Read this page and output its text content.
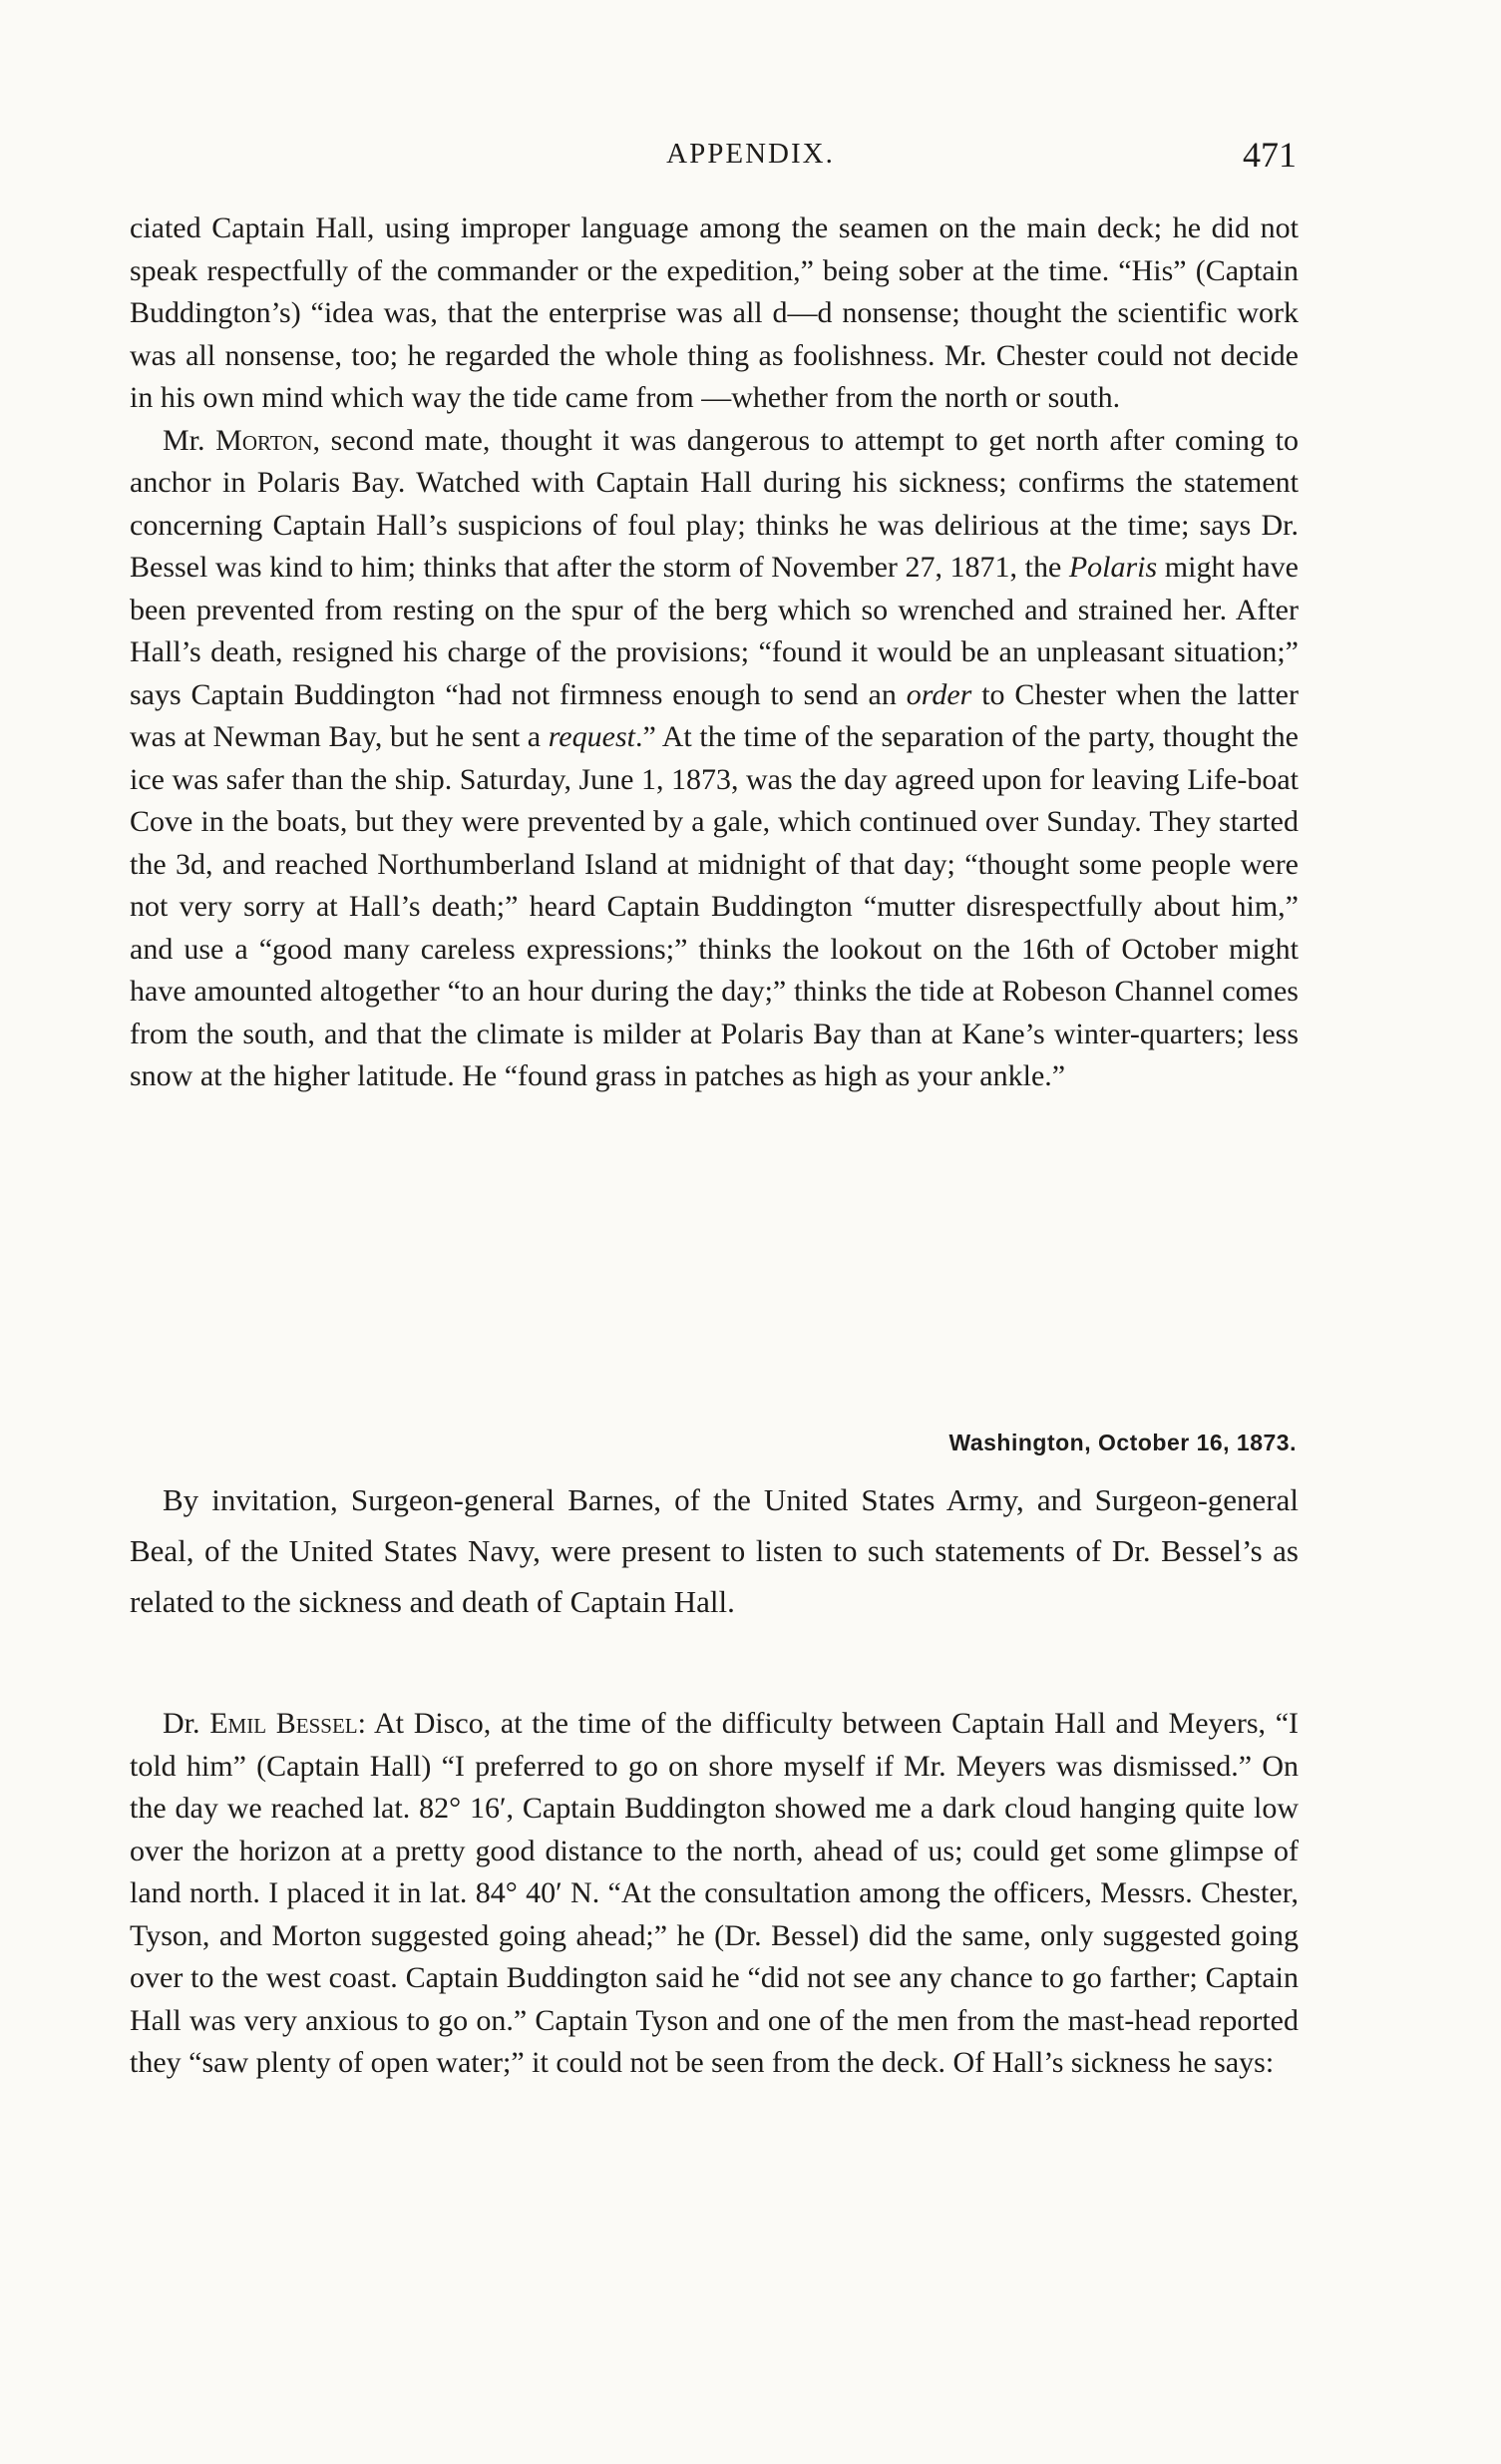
APPENDIX.	471

ciated Captain Hall, using improper language among the seamen on the main deck; he did not speak respectfully of the commander or the expedition,” being sober at the time. “His” (Captain Buddington’s) “idea was, that the enterprise was all d—d nonsense; thought the scientific work was all nonsense, too; he regarded the whole thing as foolishness. Mr. Chester could not decide in his own mind which way the tide came from —whether from the north or south.

Mr. Morton, second mate, thought it was dangerous to attempt to get north after coming to anchor in Polaris Bay. Watched with Captain Hall during his sickness; confirms the statement concerning Captain Hall’s suspicions of foul play; thinks he was delirious at the time; says Dr. Bessel was kind to him; thinks that after the storm of November 27, 1871, the Polaris might have been prevented from resting on the spur of the berg which so wrenched and strained her. After Hall’s death, resigned his charge of the provisions; “found it would be an unpleasant situation;” says Captain Buddington “had not firmness enough to send an order to Chester when the latter was at Newman Bay, but he sent a request.” At the time of the separation of the party, thought the ice was safer than the ship. Saturday, June 1, 1873, was the day agreed upon for leaving Life-boat Cove in the boats, but they were prevented by a gale, which continued over Sunday. They started the 3d, and reached Northumberland Island at midnight of that day; “thought some people were not very sorry at Hall’s death;” heard Captain Buddington “mutter disrespectfully about him,” and use a “good many careless expressions;” thinks the lookout on the 16th of October might have amounted altogether “to an hour during the day;” thinks the tide at Robeson Channel comes from the south, and that the climate is milder at Polaris Bay than at Kane’s winter-quarters; less snow at the higher latitude. He “found grass in patches as high as your ankle.”

Washington, October 16, 1873.

By invitation, Surgeon-general Barnes, of the United States Army, and Surgeon-general Beal, of the United States Navy, were present to listen to such statements of Dr. Bessel’s as related to the sickness and death of Captain Hall.

Dr. Emil Bessel: At Disco, at the time of the difficulty between Captain Hall and Meyers, “I told him” (Captain Hall) “I preferred to go on shore myself if Mr. Meyers was dismissed.” On the day we reached lat. 82° 16′, Captain Buddington showed me a dark cloud hanging quite low over the horizon at a pretty good distance to the north, ahead of us; could get some glimpse of land north. I placed it in lat. 84° 40′ N. “At the consultation among the officers, Messrs. Chester, Tyson, and Morton suggested going ahead;” he (Dr. Bessel) did the same, only suggested going over to the west coast. Captain Buddington said he “did not see any chance to go farther; Captain Hall was very anxious to go on.” Captain Tyson and one of the men from the mast-head reported they “saw plenty of open water;” it could not be seen from the deck. Of Hall’s sickness he says:
